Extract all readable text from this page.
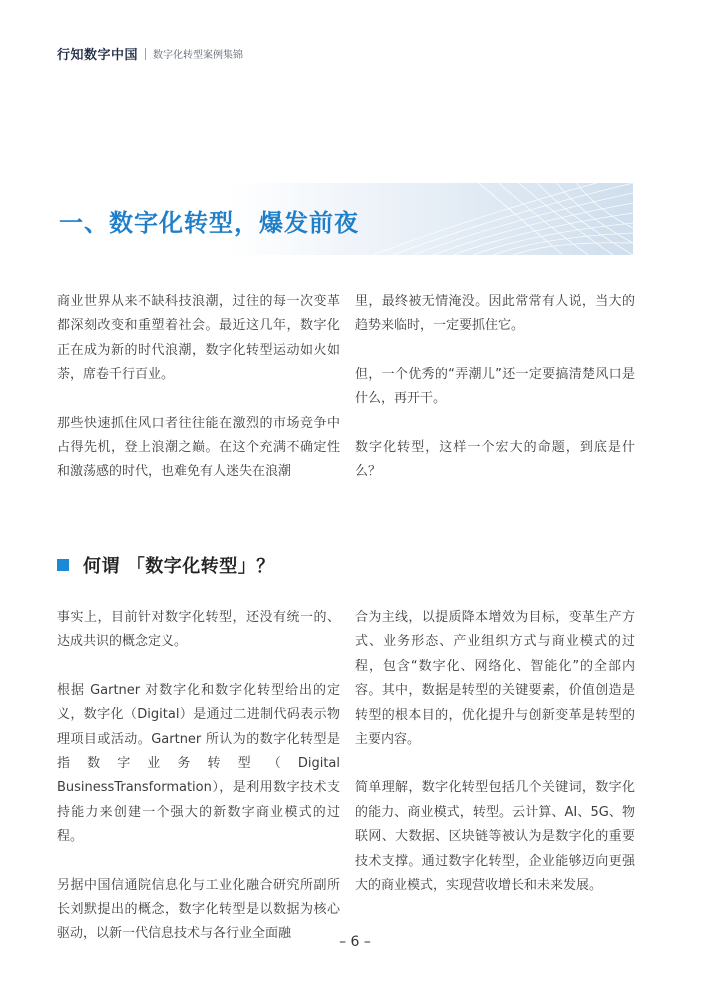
行知数字中国 数字化转型案例集锦
一、数字化转型，爆发前夜

商业世界从来不缺科技浪潮，过往的每一次变革都深刻改变和重塑着社会。最近这几年，数字化正在成为新的时代浪潮，数字化转型运动如火如荼，席卷千行百业。

那些快速抓住风口者往往能在激烈的市场竞争中占得先机，登上浪潮之巅。在这个充满不确定性和激荡感的时代，也难免有人迷失在浪潮

里，最终被无情淹没。因此常常有人说，当大的趋势来临时，一定要抓住它。

但，一个优秀的“弄潮儿”还一定要搞清楚风口是什么，再开干。

数字化转型，这样一个宏大的命题，到底是什么？

何谓 「数字化转型」？

事实上，目前针对数字化转型，还没有统一的、达成共识的概念定义。

根据 Gartner 对数字化和数字化转型给出的定义，数字化（Digital）是通过二进制代码表示物理项目或活动。Gartner 所认为的数字化转型是指数字业务转型（Digital BusinessTransformation），是利用数字技术支持能力来创建一个强大的新数字商业模式的过程。

另据中国信通院信息化与工业化融合研究所副所长刘默提出的概念，数字化转型是以数据为核心驱动，以新一代信息技术与各行业全面融

合为主线，以提质降本增效为目标，变革生产方式、业务形态、产业组织方式与商业模式的过程，包含“数字化、网络化、智能化”的全部内容。其中，数据是转型的关键要素，价值创造是转型的根本目的，优化提升与创新变革是转型的主要内容。

简单理解，数字化转型包括几个关键词，数字化的能力、商业模式，转型。云计算、AI、5G、物联网、大数据、区块链等被认为是数字化的重要技术支撑。通过数字化转型，企业能够迈向更强大的商业模式，实现营收增长和未来发展。

– 6 –
